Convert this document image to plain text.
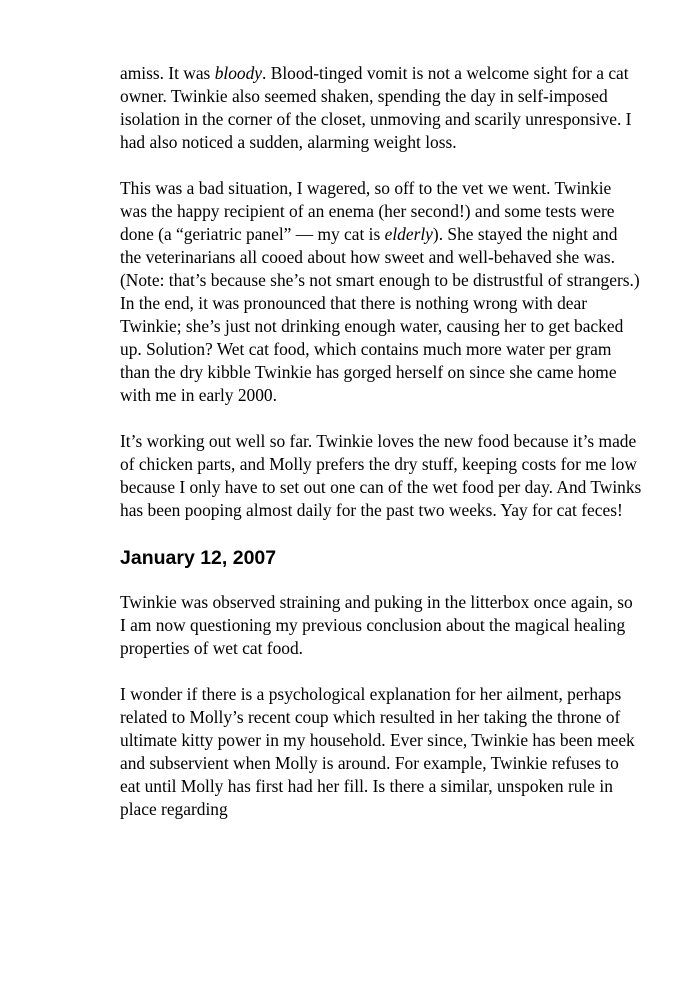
amiss. It was bloody. Blood-tinged vomit is not a welcome sight for a cat owner. Twinkie also seemed shaken, spending the day in self-imposed isolation in the corner of the closet, unmoving and scarily unresponsive. I had also noticed a sudden, alarming weight loss.

This was a bad situation, I wagered, so off to the vet we went. Twinkie was the happy recipient of an enema (her second!) and some tests were done (a “geriatric panel” — my cat is elderly). She stayed the night and the veterinarians all cooed about how sweet and well-behaved she was. (Note: that’s because she’s not smart enough to be distrustful of strangers.) In the end, it was pronounced that there is nothing wrong with dear Twinkie; she’s just not drinking enough water, causing her to get backed up. Solution? Wet cat food, which contains much more water per gram than the dry kibble Twinkie has gorged herself on since she came home with me in early 2000.

It’s working out well so far. Twinkie loves the new food because it’s made of chicken parts, and Molly prefers the dry stuff, keeping costs for me low because I only have to set out one can of the wet food per day. And Twinks has been pooping almost daily for the past two weeks. Yay for cat feces!

January 12, 2007

Twinkie was observed straining and puking in the litterbox once again, so I am now questioning my previous conclusion about the magical healing properties of wet cat food.

I wonder if there is a psychological explanation for her ailment, perhaps related to Molly’s recent coup which resulted in her taking the throne of ultimate kitty power in my household. Ever since, Twinkie has been meek and subservient when Molly is around. For example, Twinkie refuses to eat until Molly has first had her fill. Is there a similar, unspoken rule in place regarding
